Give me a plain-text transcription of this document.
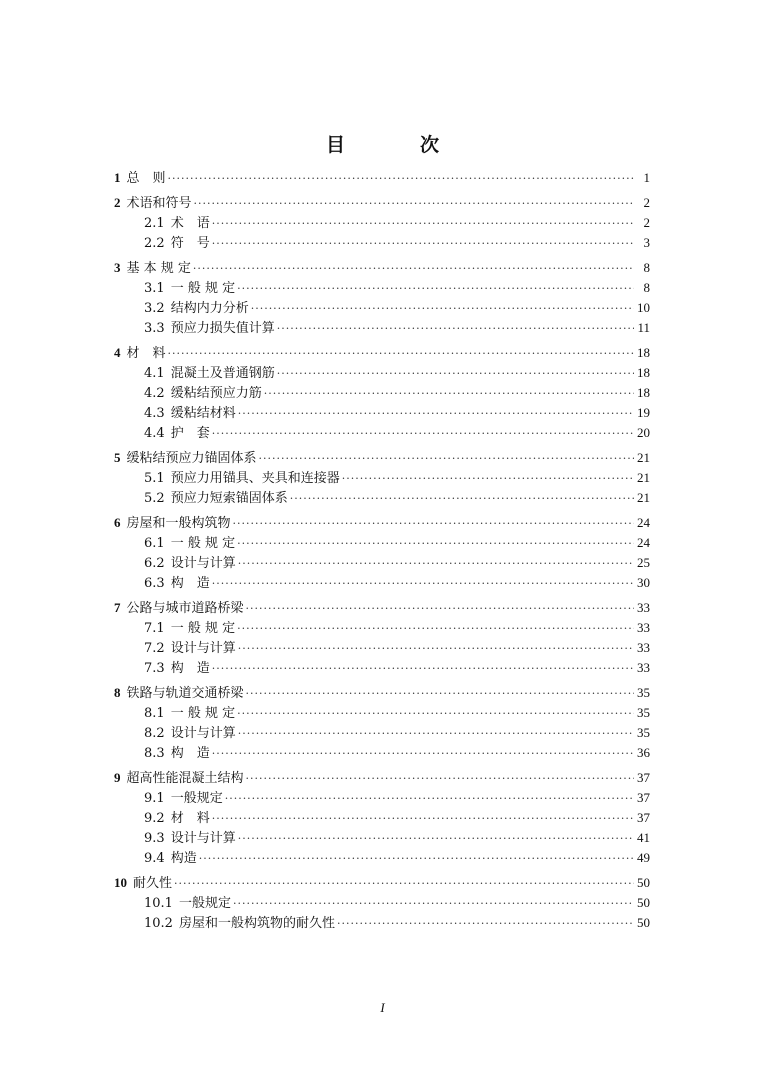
目　次
1 总　则 ·····	1
2 术语和符号 ·····	2
2.1 术　语 ·····	2
2.2 符　号 ·····	3
3 基 本 规 定 ·····	8
3.1 一 般 规 定 ·····	8
3.2 结构内力分析 ·····	10
3.3 预应力损失值计算 ·····	11
4 材　料 ·····	18
4.1 混凝土及普通钢筋 ·····	18
4.2 缓粘结预应力筋 ·····	18
4.3 缓粘结材料 ·····	19
4.4 护　套 ·····	20
5 缓粘结预应力锚固体系 ·····	21
5.1 预应力用锚具、夹具和连接器 ·····	21
5.2 预应力短索锚固体系 ·····	21
6 房屋和一般构筑物 ·····	24
6.1 一 般 规 定 ·····	24
6.2 设计与计算 ·····	25
6.3 构　造 ·····	30
7 公路与城市道路桥梁 ·····	33
7.1 一 般 规 定 ·····	33
7.2 设计与计算 ·····	33
7.3 构　造 ·····	33
8 铁路与轨道交通桥梁 ·····	35
8.1 一 般 规 定 ·····	35
8.2 设计与计算 ·····	35
8.3 构　造 ·····	36
9 超高性能混凝土结构 ·····	37
9.1 一般规定 ·····	37
9.2 材　料 ·····	37
9.3 设计与计算 ·····	41
9.4 构造 ·····	49
10 耐久性 ·····	50
10.1 一般规定 ·····	50
10.2 房屋和一般构筑物的耐久性 ·····	50
I
